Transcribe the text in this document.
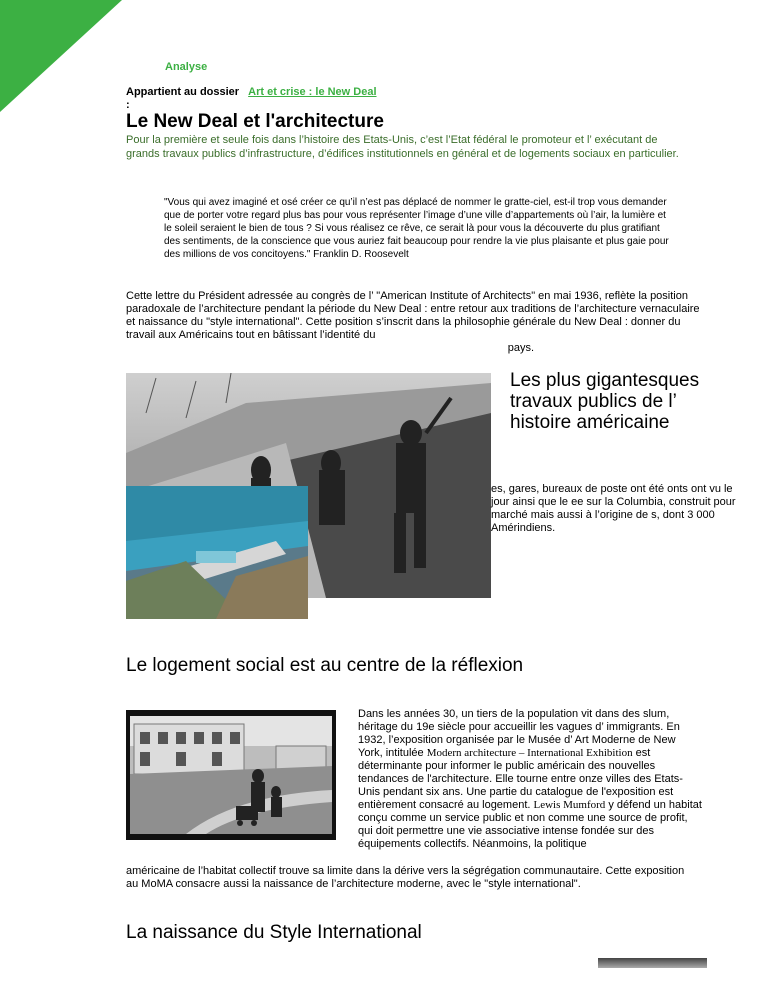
Analyse
Appartient au dossier Art et crise : le New Deal
:
Le New Deal et l'architecture

Pour la première et seule fois dans l’histoire des Etats-Unis, c’est l’Etat fédéral le promoteur et l’ exécutant de grands travaux publics d’infrastructure, d’édifices institutionnels en général et de logements sociaux en particulier.

"Vous qui avez imaginé et osé créer ce qu’il n’est pas déplacé de nommer le gratte-ciel, est-il trop vous demander que de porter votre regard plus bas pour vous représenter l’image d’une ville d’appartements où l’air, la lumière et le soleil seraient le bien de tous ? Si vous réalisez ce rêve, ce serait là pour vous la découverte du plus gratifiant des sentiments, de la conscience que vous auriez fait beaucoup pour rendre la vie plus plaisante et plus gaie pour des millions de vos concitoyens." Franklin D. Roosevelt

Cette lettre du Président adressée au congrès de l’ "American Institute of Architects" en mai 1936, reflète la position paradoxale de l’architecture pendant la période du New Deal : entre retour aux traditions de l’architecture vernaculaire et naissance du "style international". Cette position s’inscrit dans la philosophie générale du New Deal : donner du travail aux Américains tout en bâtissant l’identité du
pays.

Les plus gigantesques travaux publics de l’ histoire américaine

es, gares, bureaux de poste ont été onts ont vu le jour ainsi que le ee sur la Columbia, construit pour marché mais aussi à l’origine de s, dont 3 000 Amérindiens.

Le logement social est au centre de la réflexion

Dans les années 30, un tiers de la population vit dans des slum, héritage du 19e siècle pour accueillir les vagues d’ immigrants. En 1932, l’exposition organisée par le Musée d’ Art Moderne de New York, intitulée Modern architecture – International Exhibition est déterminante pour informer le public américain des nouvelles tendances de l'architecture. Elle tourne entre onze villes des Etats-Unis pendant six ans. Une partie du catalogue de l'exposition est entièrement consacré au logement. Lewis Mumford y défend un habitat conçu comme un service public et non comme une source de profit, qui doit permettre une vie associative intense fondée sur des équipements collectifs. Néanmoins, la politique

américaine de l’habitat collectif trouve sa limite dans la dérive vers la ségrégation communautaire. Cette exposition au MoMA consacre aussi la naissance de l’architecture moderne, avec le "style international".

La naissance du Style International
